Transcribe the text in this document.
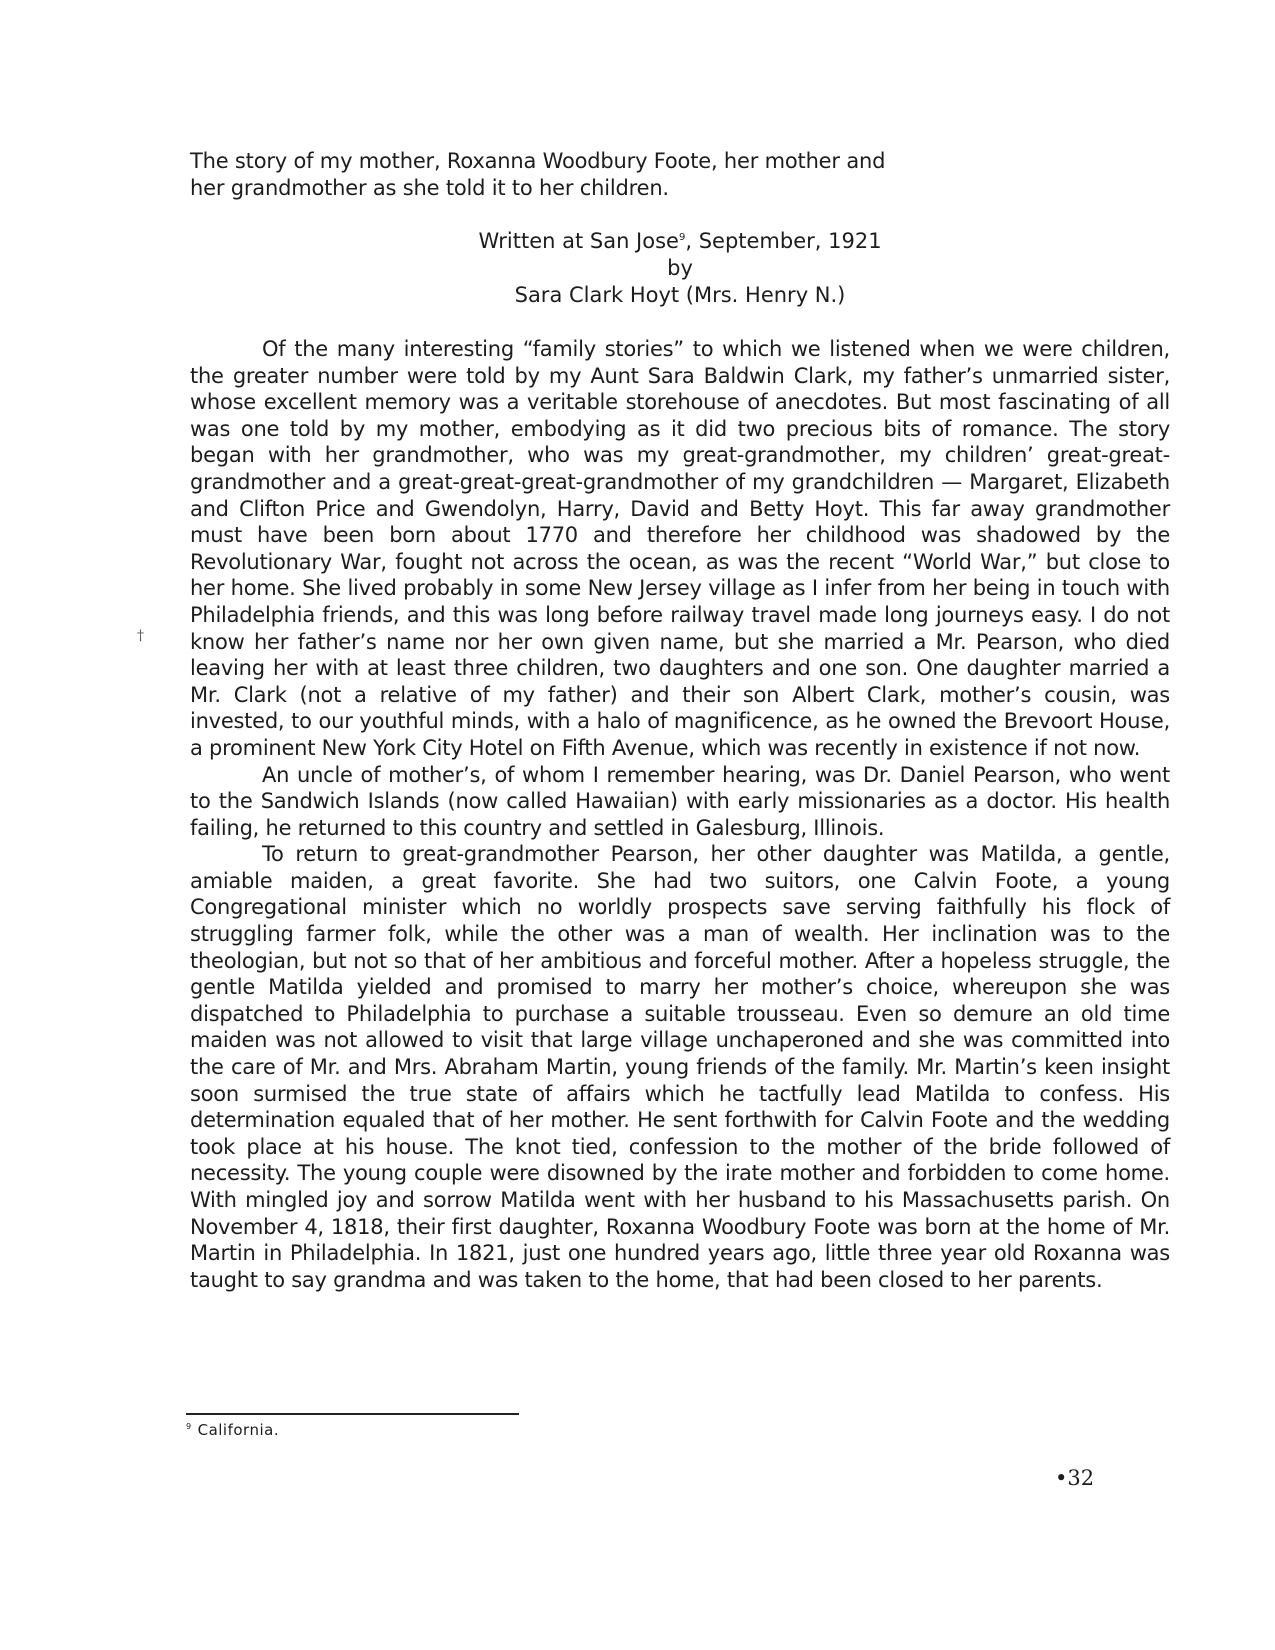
The story of my mother, Roxanna Woodbury Foote, her mother and
her grandmother as she told it to her children.
Written at San Jose$^9$, September, 1921
by
Sara Clark Hoyt (Mrs. Henry N.)
†

Of the many interesting “family stories” to which we listened when we were children, the greater number were told by my Aunt Sara Baldwin Clark, my father’s unmarried sister, whose excellent memory was a veritable storehouse of anecdotes. But most fascinating of all was one told by my mother, embodying as it did two precious bits of romance. The story began with her grandmother, who was my great-grandmother, my children’ great-great-grandmother and a great-great-great-grandmother of my grandchildren — Margaret, Elizabeth and Clifton Price and Gwendolyn, Harry, David and Betty Hoyt. This far away grandmother must have been born about 1770 and therefore her childhood was shadowed by the Revolutionary War, fought not across the ocean, as was the recent “World War,” but close to her home. She lived probably in some New Jersey village as I infer from her being in touch with Philadelphia friends, and this was long before railway travel made long journeys easy. I do not know her father’s name nor her own given name, but she married a Mr. Pearson, who died leaving her with at least three children, two daughters and one son. One daughter married a Mr. Clark (not a relative of my father) and their son Albert Clark, mother’s cousin, was invested, to our youthful minds, with a halo of magnificence, as he owned the Brevoort House, a prominent New York City Hotel on Fifth Avenue, which was recently in existence if not now.

An uncle of mother’s, of whom I remember hearing, was Dr. Daniel Pearson, who went to the Sandwich Islands (now called Hawaiian) with early missionaries as a doctor. His health failing, he returned to this country and settled in Galesburg, Illinois.

To return to great-grandmother Pearson, her other daughter was Matilda, a gentle, amiable maiden, a great favorite. She had two suitors, one Calvin Foote, a young Congregational minister which no worldly prospects save serving faithfully his flock of struggling farmer folk, while the other was a man of wealth. Her inclination was to the theologian, but not so that of her ambitious and forceful mother. After a hopeless struggle, the gentle Matilda yielded and promised to marry her mother’s choice, whereupon she was dispatched to Philadelphia to purchase a suitable trousseau. Even so demure an old time maiden was not allowed to visit that large village unchaperoned and she was committed into the care of Mr. and Mrs. Abraham Martin, young friends of the family. Mr. Martin’s keen insight soon surmised the true state of affairs which he tactfully lead Matilda to confess. His determination equaled that of her mother. He sent forthwith for Calvin Foote and the wedding took place at his house. The knot tied, confession to the mother of the bride followed of necessity. The young couple were disowned by the irate mother and forbidden to come home. With mingled joy and sorrow Matilda went with her husband to his Massachusetts parish. On November 4, 1818, their first daughter, Roxanna Woodbury Foote was born at the home of Mr. Martin in Philadelphia. In 1821, just one hundred years ago, little three year old Roxanna was taught to say grandma and was taken to the home, that had been closed to her parents.

$^9$ California.
•32
